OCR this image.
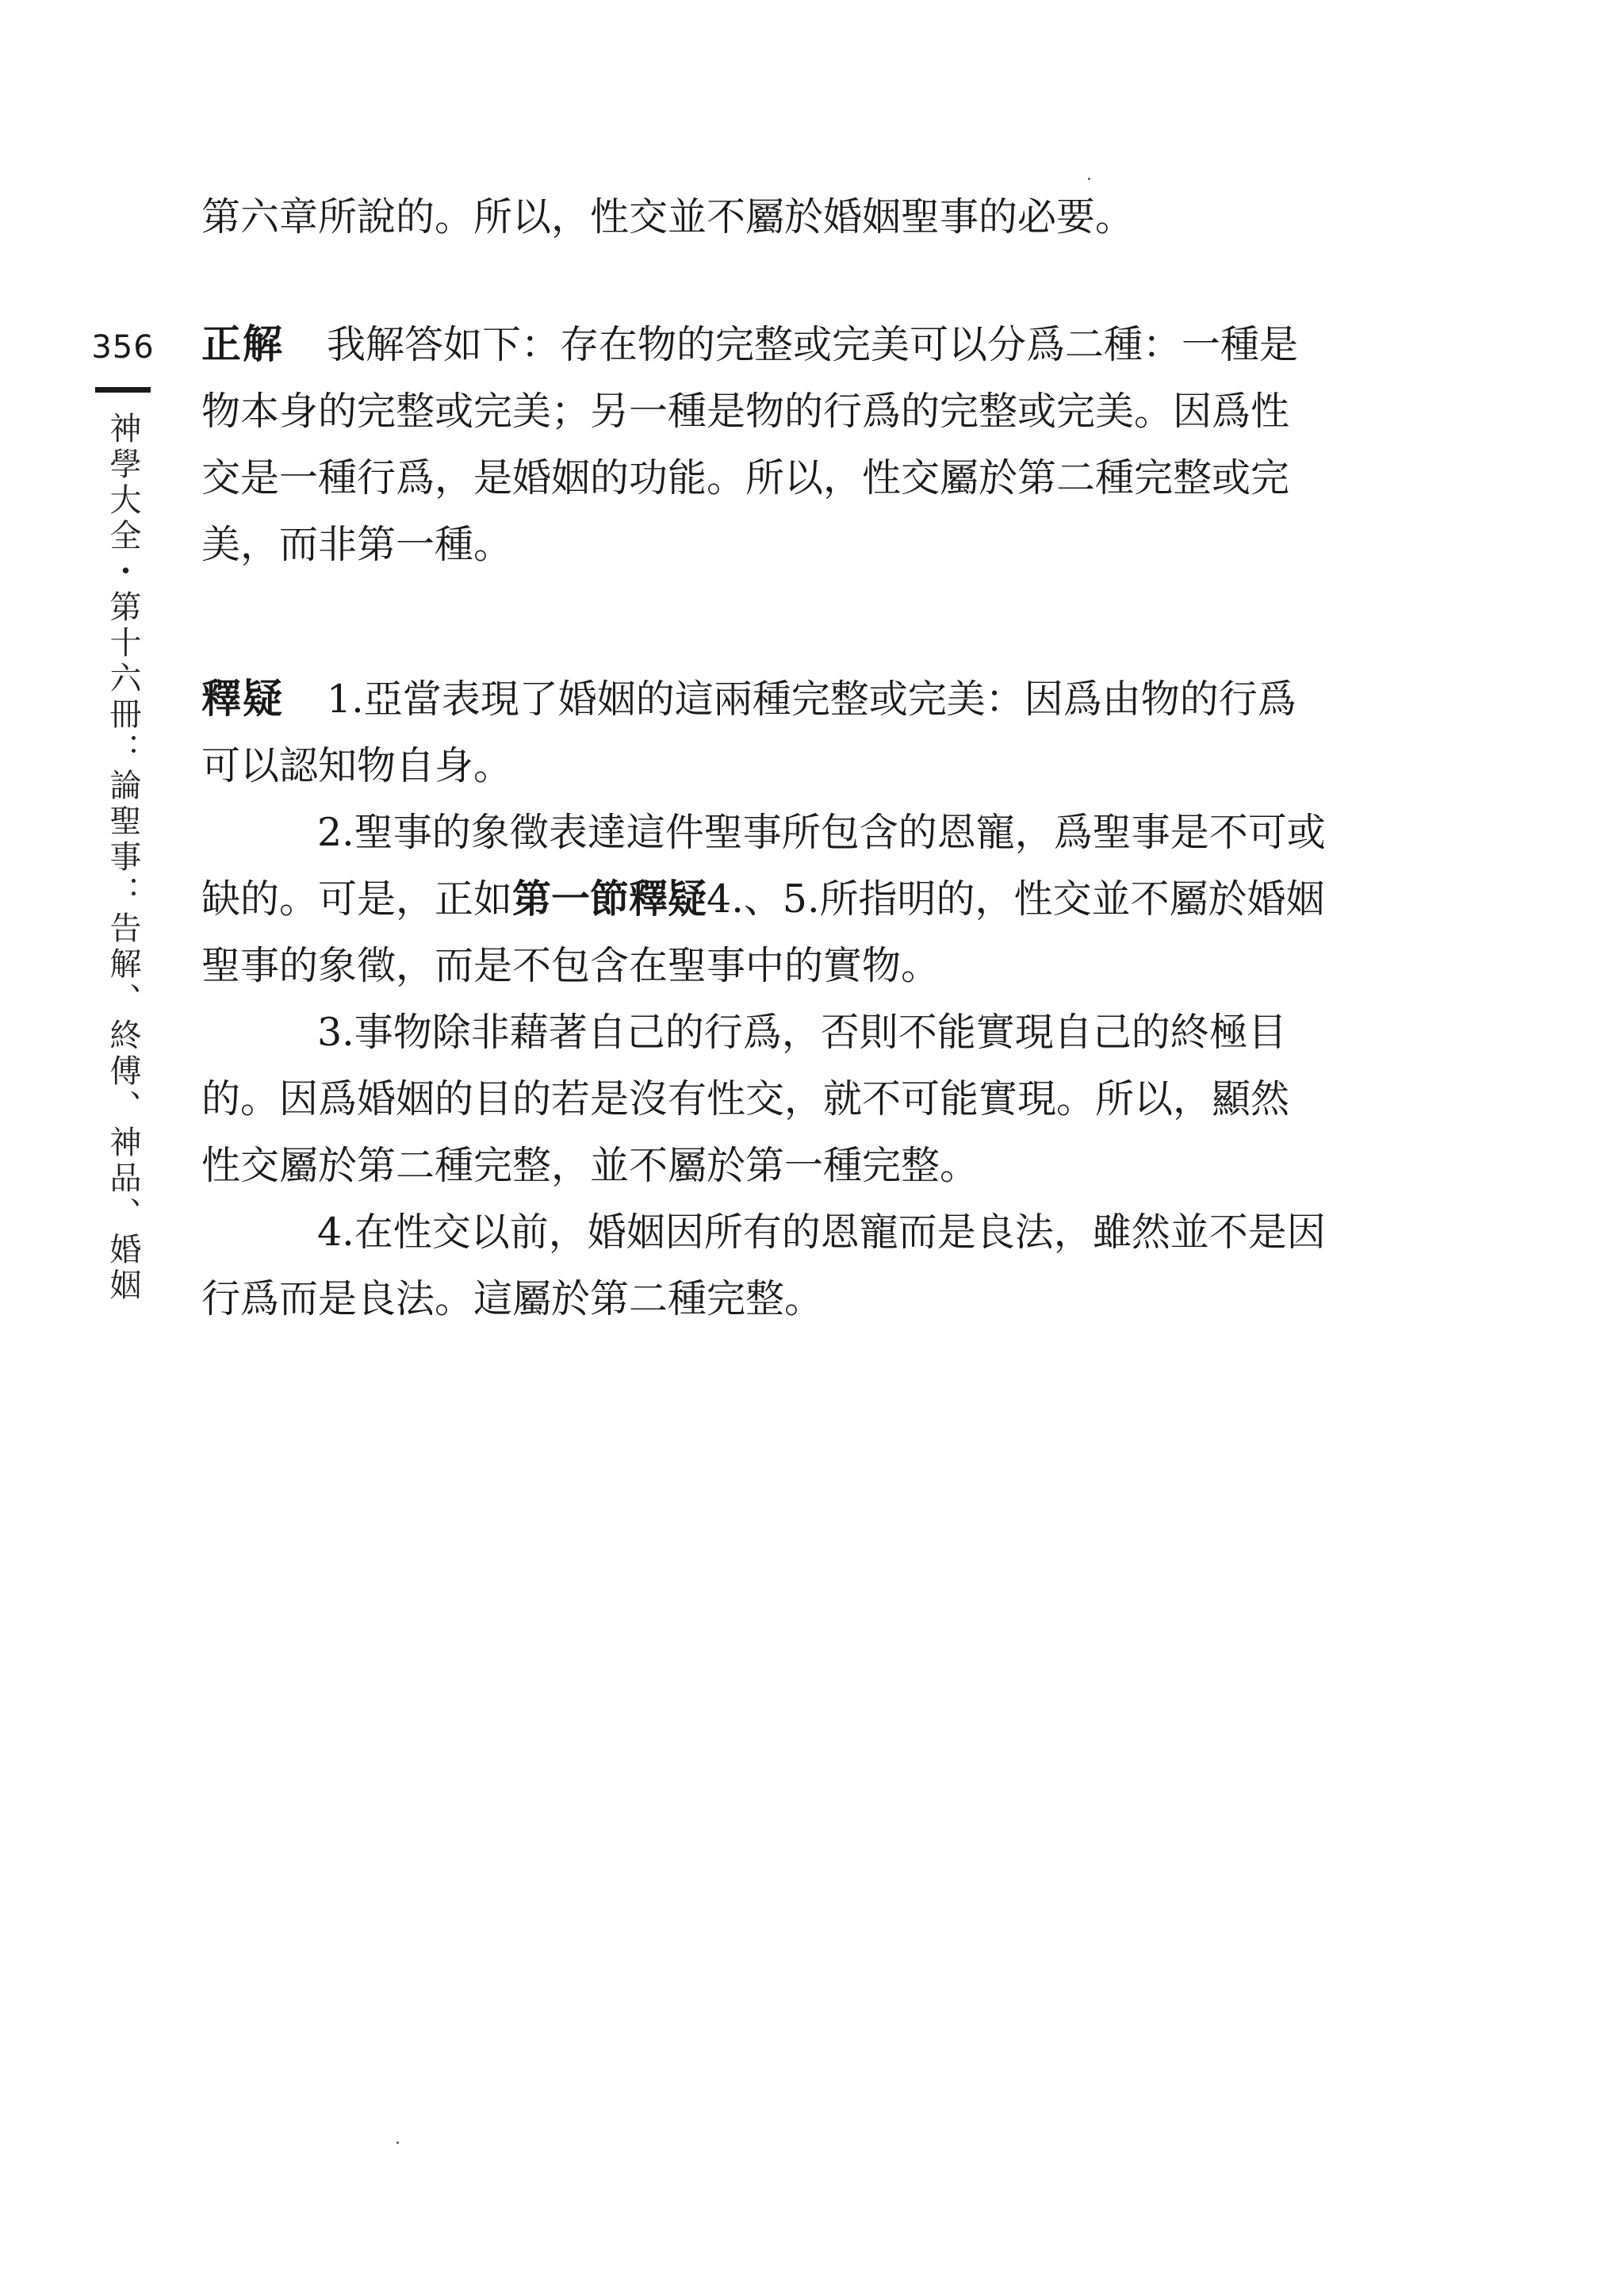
356
神學大全・第十六冊：論聖事：告解、終傅、神品、婚姻

第六章所說的。所以，性交並不屬於婚姻聖事的必要。

正解 我解答如下：存在物的完整或完美可以分爲二種：一種是物本身的完整或完美；另一種是物的行爲的完整或完美。因爲性交是一種行爲，是婚姻的功能。所以，性交屬於第二種完整或完美，而非第一種。

釋疑 1.亞當表現了婚姻的這兩種完整或完美：因爲由物的行爲可以認知物自身。

2.聖事的象徵表達這件聖事所包含的恩寵，爲聖事是不可或缺的。可是，正如第一節釋疑4.、5.所指明的，性交並不屬於婚姻聖事的象徵，而是不包含在聖事中的實物。

3.事物除非藉著自己的行爲，否則不能實現自己的終極目的。因爲婚姻的目的若是沒有性交，就不可能實現。所以，顯然性交屬於第二種完整，並不屬於第一種完整。

4.在性交以前，婚姻因所有的恩寵而是良法，雖然並不是因行爲而是良法。這屬於第二種完整。
